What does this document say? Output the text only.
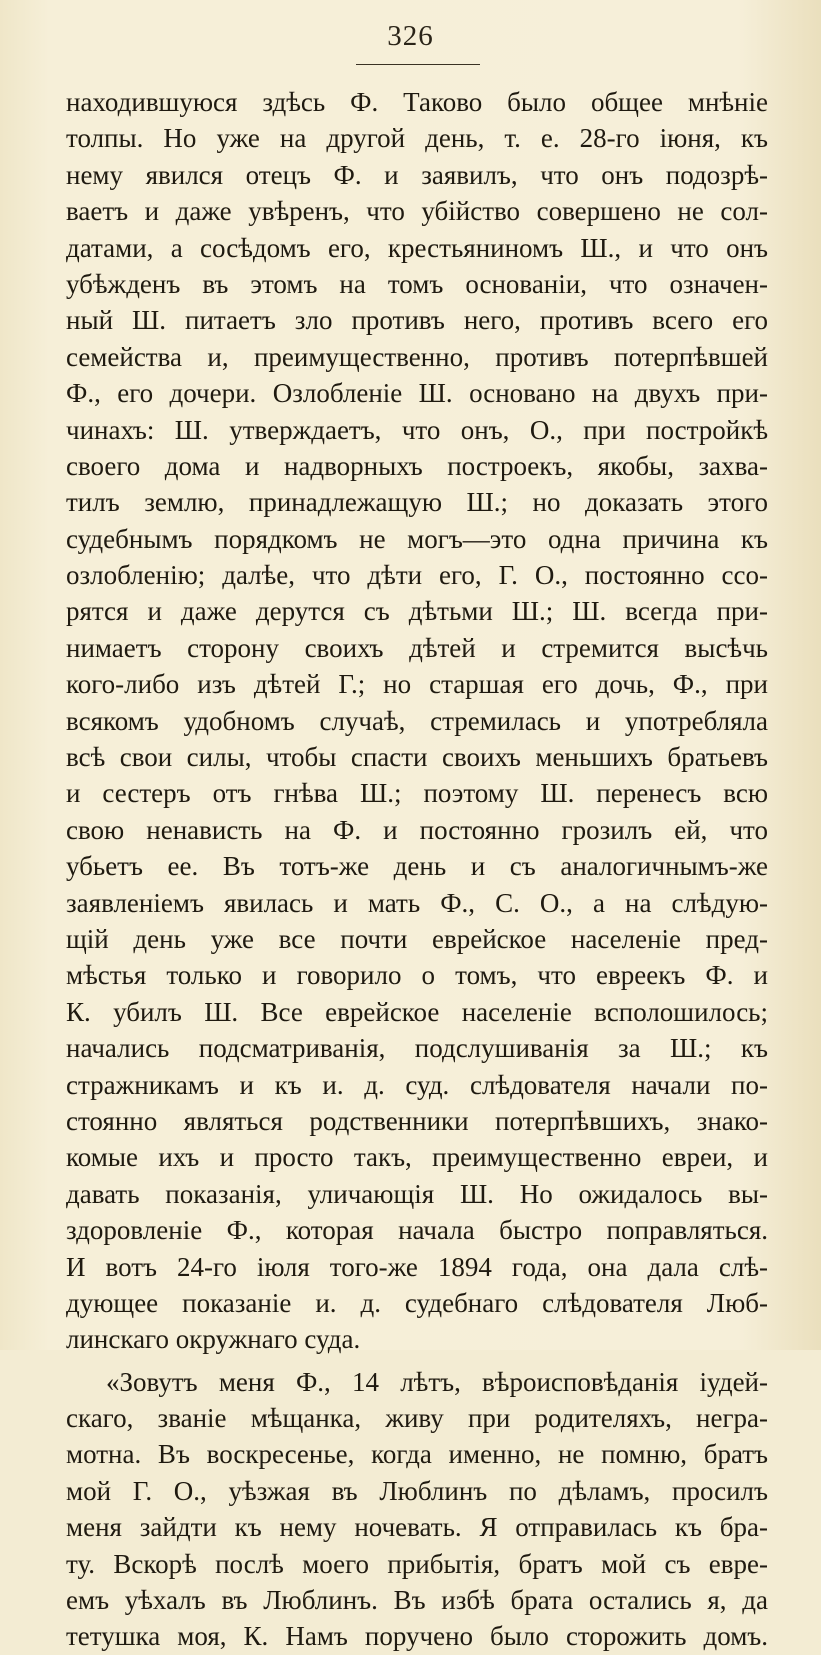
326
находившуюся здѣсь Ф. Таково было общее мнѣніе
толпы. Но уже на другой день, т. е. 28-го іюня, къ
нему явился отецъ Ф. и заявилъ, что онъ подозрѣ-
ваетъ и даже увѣренъ, что убійство совершено не сол-
датами, а сосѣдомъ его, крестьяниномъ Ш., и что онъ
убѣжденъ въ этомъ на томъ основаніи, что означен-
ный Ш. питаетъ зло противъ него, противъ всего его
семейства и, преимущественно, противъ потерпѣвшей
Ф., его дочери. Озлобленіе Ш. основано на двухъ при-
чинахъ: Ш. утверждаетъ, что онъ, О., при постройкѣ
своего дома и надворныхъ построекъ, якобы, захва-
тилъ землю, принадлежащую Ш.; но доказать этого
судебнымъ порядкомъ не могъ—это одна причина къ
озлобленію; далѣе, что дѣти его, Г. О., постоянно ссо-
рятся и даже дерутся съ дѣтьми Ш.; Ш. всегда при-
нимаетъ сторону своихъ дѣтей и стремится высѣчь
кого-либо изъ дѣтей Г.; но старшая его дочь, Ф., при
всякомъ удобномъ случаѣ, стремилась и употребляла
всѣ свои силы, чтобы спасти своихъ меньшихъ братьевъ
и сестеръ отъ гнѣва Ш.; поэтому Ш. перенесъ всю
свою ненависть на Ф. и постоянно грозилъ ей, что
убьетъ ее. Въ тотъ-же день и съ аналогичнымъ-же
заявленіемъ явилась и мать Ф., С. О., а на слѣдую-
щій день уже все почти еврейское населеніе пред-
мѣстья только и говорило о томъ, что евреекъ Ф. и
К. убилъ Ш. Все еврейское населеніе всполошилось;
начались подсматриванія, подслушиванія за Ш.; къ
стражникамъ и къ и. д. суд. слѣдователя начали по-
стоянно являться родственники потерпѣвшихъ, знако-
комые ихъ и просто такъ, преимущественно евреи, и
давать показанія, уличающія Ш. Но ожидалось вы-
здоровленіе Ф., которая начала быстро поправляться.
И вотъ 24-го іюля того-же 1894 года, она дала слѣ-
дующее показаніе и. д. судебнаго слѣдователя Люб-
линскаго окружнаго суда.
«Зовутъ меня Ф., 14 лѣтъ, вѣроисповѣданія іудей-
скаго, званіе мѣщанка, живу при родителяхъ, негра-
мотна. Въ воскресенье, когда именно, не помню, братъ
мой Г. О., уѣзжая въ Люблинъ по дѣламъ, просилъ
меня зайдти къ нему ночевать. Я отправилась къ бра-
ту. Вскорѣ послѣ моего прибытія, братъ мой съ евре-
емъ уѣхалъ въ Люблинъ. Въ избѣ брата остались я, да
тетушка моя, К. Намъ поручено было сторожить домъ.
